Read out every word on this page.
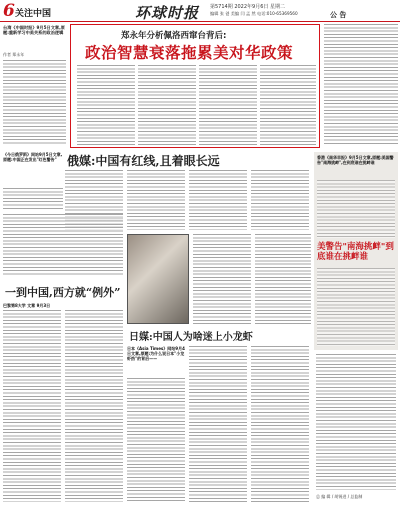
6 关注中国	环球时报 第5714期 2022年9月6日 星期二
编辑 张 爸 美编 闫 孟 然 电话:010-65369560	公 告
台湾《中国时报》9月5日文章,原题:重新学习中美关系的政治逻辑
作者 郑永年
郑永年分析佩洛西窜台背后:
政治智慧衰落拖累美对华政策
《今日俄罗斯》网站9月5日文章,原题:中国正在发出"红色警告" 俄媒:中国有红线,且着眼长远	香港《南华早报》9月5日文章,原题:美国警告"南海挑衅",在到底谁在挑衅谁
美警告"南海挑衅"到底谁在挑衅谁
一到中国,西方就“例外”
巴黎第8大学 文章 9月3日
日媒:中国人为啥迷上小龙虾
日本《Asia Times》网站9月4日文章,原题:为什么说日本"小龙虾热"的背后——
总 编 辑 / 胡锡进 / 总监制
